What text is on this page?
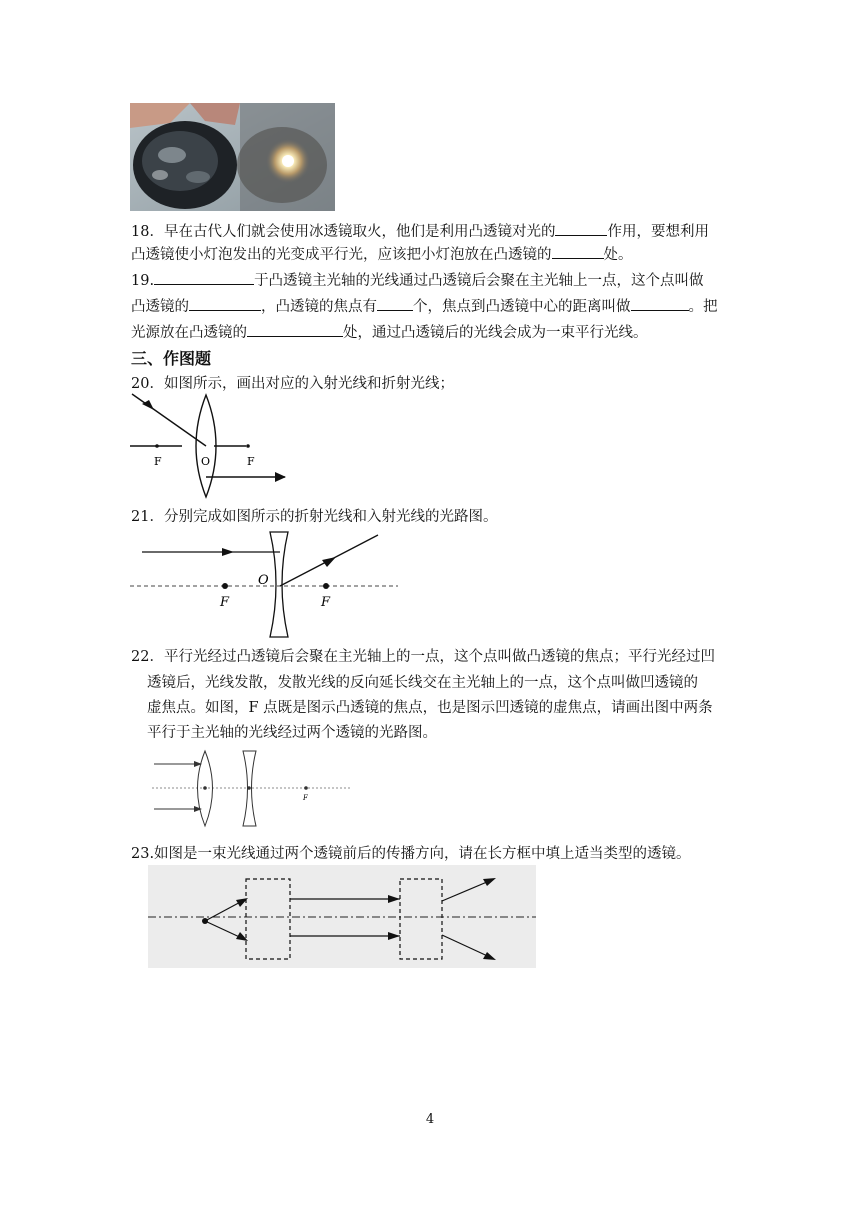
18．早在古代人们就会使用冰透镜取火，他们是利用凸透镜对光的	作用，要想利用
凸透镜使小灯泡发出的光变成平行光，应该把小灯泡放在凸透镜的	处。
19.	于凸透镜主光轴的光线通过凸透镜后会聚在主光轴上一点，这个点叫做
凸透镜的	，凸透镜的焦点有 个，焦点到凸透镜中心的距离叫做	。把
光源放在凸透镜的	处，通过凸透镜后的光线会成为一束平行光线。
三、作图题
20．如图所示，画出对应的入射光线和折射光线；
F	O	F
21．分别完成如图所示的折射光线和入射光线的光路图。
F
O
F
22．平行光经过凸透镜后会聚在主光轴上的一点，这个点叫做凸透镜的焦点；平行光经过凹
透镜后，光线发散，发散光线的反向延长线交在主光轴上的一点，这个点叫做凹透镜的
虚焦点。如图，F 点既是图示凸透镜的焦点，也是图示凹透镜的虚焦点，请画出图中两条
平行于主光轴的光线经过两个透镜的光路图。
F
23.如图是一束光线通过两个透镜前后的传播方向，请在长方框中填上适当类型的透镜。
4
